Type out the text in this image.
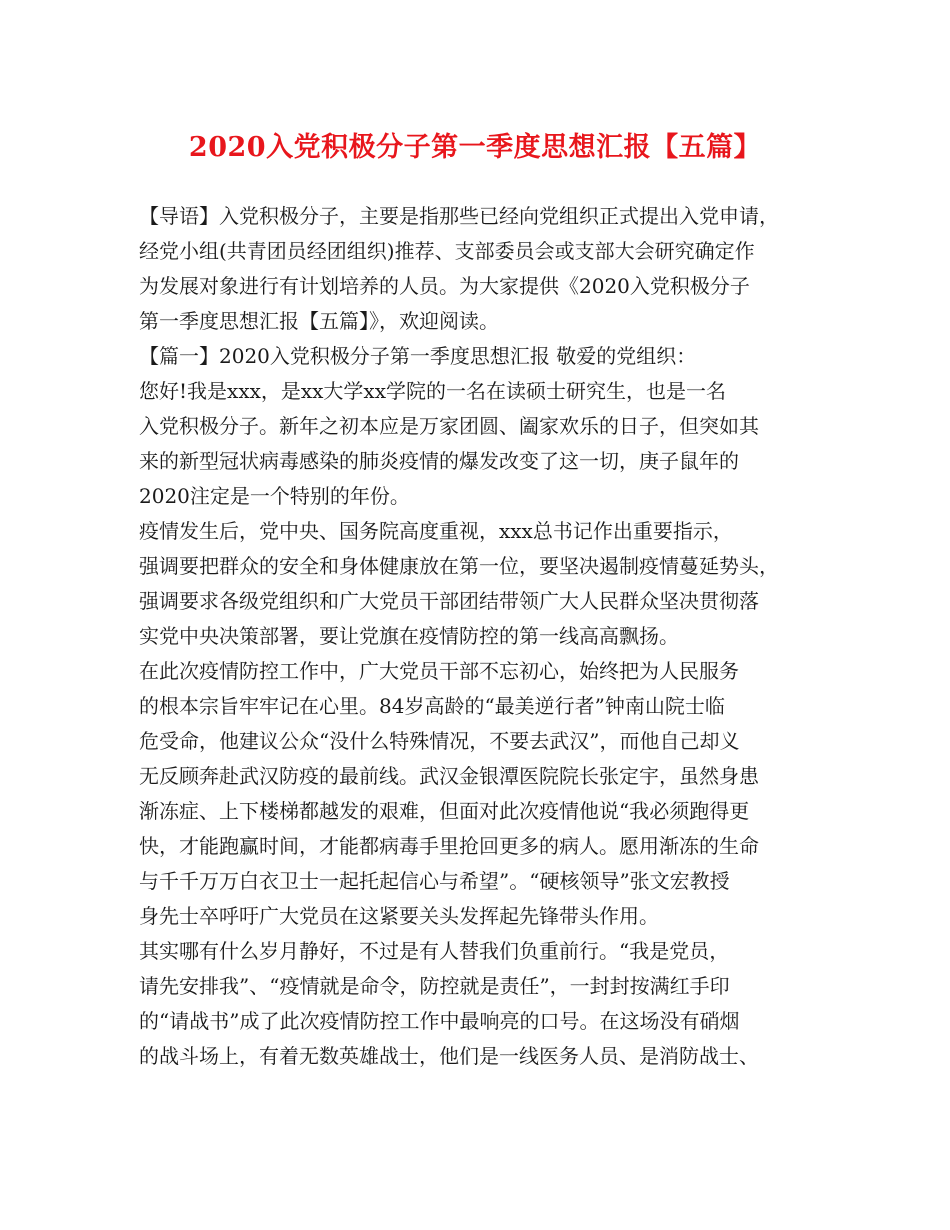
2020入党积极分子第一季度思想汇报【五篇】

【导语】入党积极分子，主要是指那些已经向党组织正式提出入党申请，
经党小组(共青团员经团组织)推荐、支部委员会或支部大会研究确定作
为发展对象进行有计划培养的人员。为大家提供《2020入党积极分子
第一季度思想汇报【五篇】》，欢迎阅读。

【篇一】2020入党积极分子第一季度思想汇报 敬爱的党组织：

您好!我是xxx，是xx大学xx学院的一名在读硕士研究生，也是一名
入党积极分子。新年之初本应是万家团圆、阖家欢乐的日子，但突如其
来的新型冠状病毒感染的肺炎疫情的爆发改变了这一切，庚子鼠年的
2020注定是一个特别的年份。

疫情发生后，党中央、国务院高度重视，xxx总书记作出重要指示，
强调要把群众的安全和身体健康放在第一位，要坚决遏制疫情蔓延势头，
强调要求各级党组织和广大党员干部团结带领广大人民群众坚决贯彻落
实党中央决策部署，要让党旗在疫情防控的第一线高高飘扬。

在此次疫情防控工作中，广大党员干部不忘初心，始终把为人民服务
的根本宗旨牢牢记在心里。84岁高龄的“最美逆行者”钟南山院士临
危受命，他建议公众“没什么特殊情况，不要去武汉”，而他自己却义
无反顾奔赴武汉防疫的最前线。武汉金银潭医院院长张定宇，虽然身患
渐冻症、上下楼梯都越发的艰难，但面对此次疫情他说“我必须跑得更
快，才能跑赢时间，才能都病毒手里抢回更多的病人。愿用渐冻的生命
与千千万万白衣卫士一起托起信心与希望”。“硬核领导”张文宏教授
身先士卒呼吁广大党员在这紧要关头发挥起先锋带头作用。

其实哪有什么岁月静好，不过是有人替我们负重前行。“我是党员，
请先安排我”、“疫情就是命令，防控就是责任”，一封封按满红手印
的“请战书”成了此次疫情防控工作中最响亮的口号。在这场没有硝烟
的战斗场上，有着无数英雄战士，他们是一线医务人员、是消防战士、
